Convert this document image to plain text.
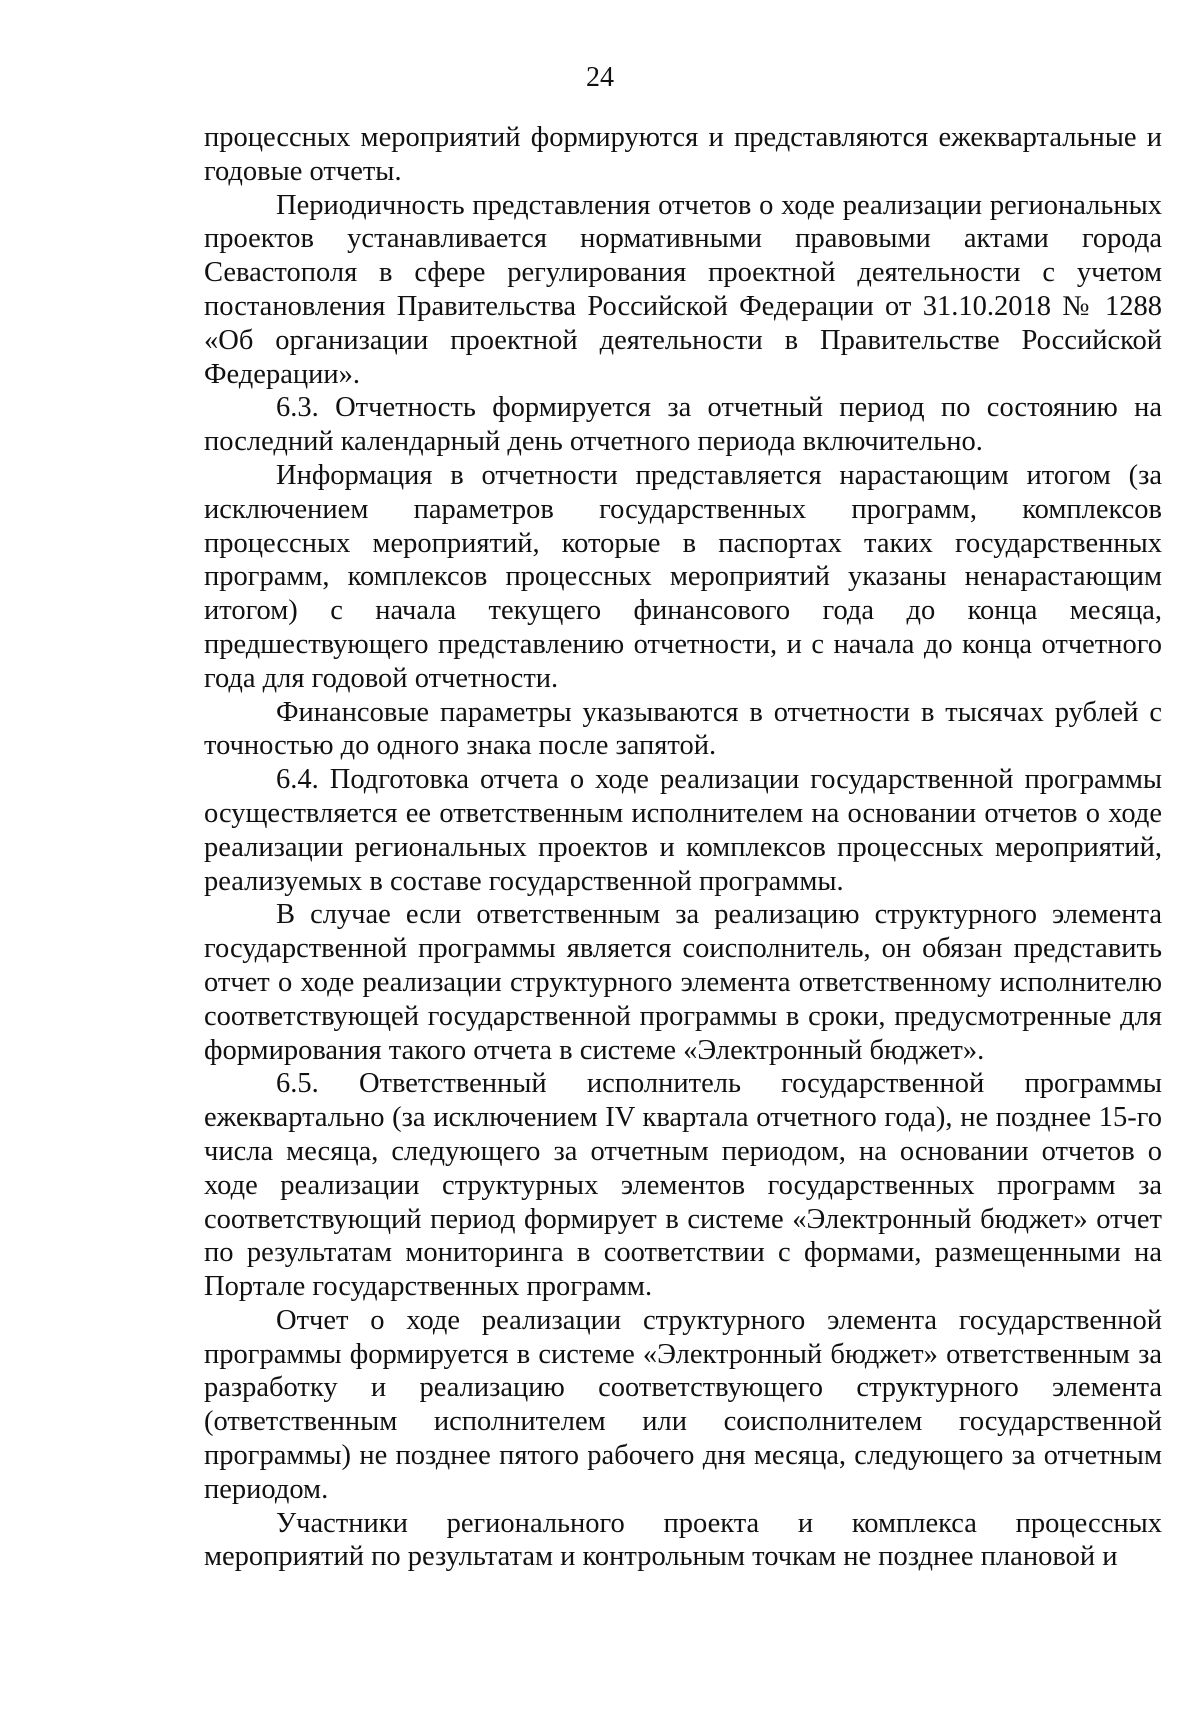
24

процессных мероприятий формируются и представляются ежеквартальные и годовые отчеты.

Периодичность представления отчетов о ходе реализации региональных проектов устанавливается нормативными правовыми актами города Севастополя в сфере регулирования проектной деятельности с учетом постановления Правительства Российской Федерации от 31.10.2018 № 1288 «Об организации проектной деятельности в Правительстве Российской Федерации».

6.3. Отчетность формируется за отчетный период по состоянию на последний календарный день отчетного периода включительно.

Информация в отчетности представляется нарастающим итогом (за исключением параметров государственных программ, комплексов процессных мероприятий, которые в паспортах таких государственных программ, комплексов процессных мероприятий указаны ненарастающим итогом) с начала текущего финансового года до конца месяца, предшествующего представлению отчетности, и с начала до конца отчетного года для годовой отчетности.

Финансовые параметры указываются в отчетности в тысячах рублей с точностью до одного знака после запятой.

6.4. Подготовка отчета о ходе реализации государственной программы осуществляется ее ответственным исполнителем на основании отчетов о ходе реализации региональных проектов и комплексов процессных мероприятий, реализуемых в составе государственной программы.

В случае если ответственным за реализацию структурного элемента государственной программы является соисполнитель, он обязан представить отчет о ходе реализации структурного элемента ответственному исполнителю соответствующей государственной программы в сроки, предусмотренные для формирования такого отчета в системе «Электронный бюджет».

6.5. Ответственный исполнитель государственной программы ежеквартально (за исключением IV квартала отчетного года), не позднее 15-го числа месяца, следующего за отчетным периодом, на основании отчетов о ходе реализации структурных элементов государственных программ за соответствующий период формирует в системе «Электронный бюджет» отчет по результатам мониторинга в соответствии с формами, размещенными на Портале государственных программ.

Отчет о ходе реализации структурного элемента государственной программы формируется в системе «Электронный бюджет» ответственным за разработку и реализацию соответствующего структурного элемента (ответственным исполнителем или соисполнителем государственной программы) не позднее пятого рабочего дня месяца, следующего за отчетным периодом.

Участники регионального проекта и комплекса процессных мероприятий по результатам и контрольным точкам не позднее плановой и
